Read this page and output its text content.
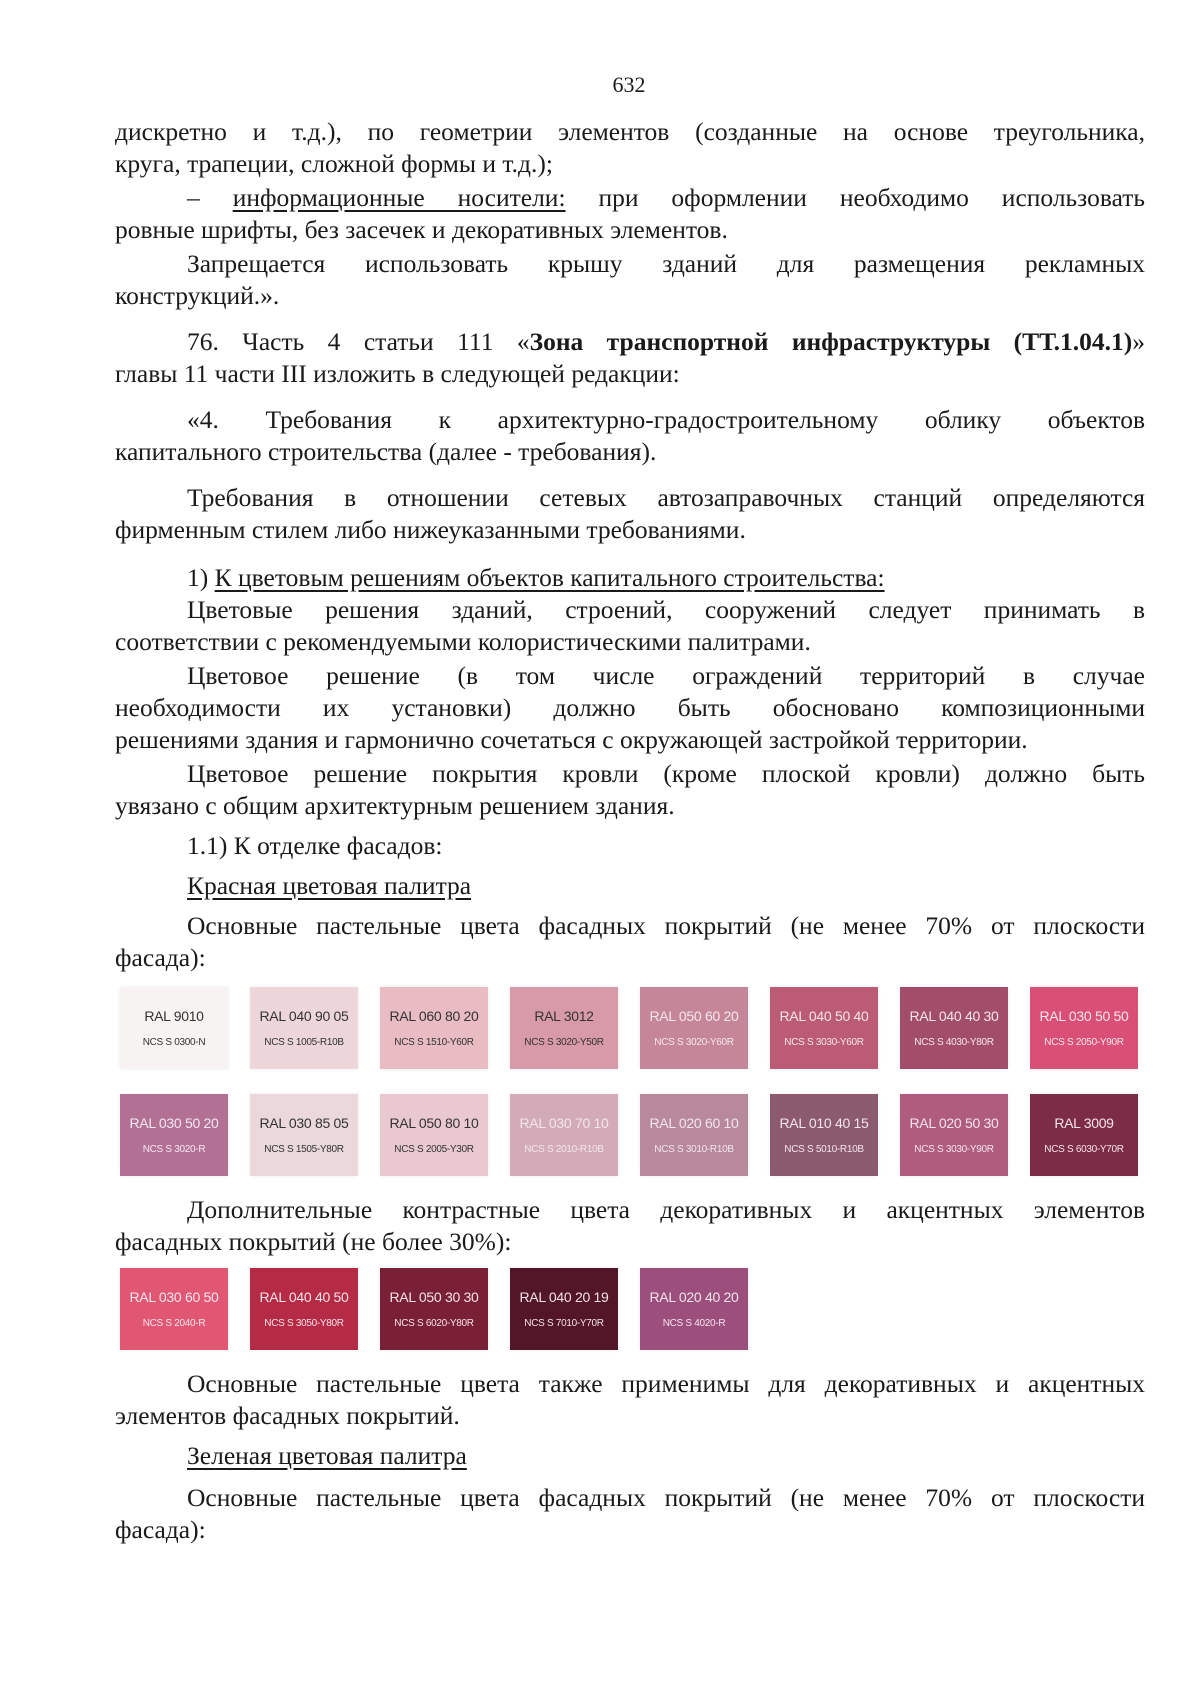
632
дискретно и т.д.), по геометрии элементов (созданные на основе треугольника,
круга, трапеции, сложной формы и т.д.);
– информационные носители: при оформлении необходимо использовать
ровные шрифты, без засечек и декоративных элементов.
Запрещается использовать крышу зданий для размещения рекламных
конструкций.».
76. Часть 4 статьи 111 «Зона транспортной инфраструктуры (ТТ.1.04.1)»
главы 11 части III изложить в следующей редакции:
«4. Требования к архитектурно-градостроительному облику объектов
капитального строительства (далее - требования).
Требования в отношении сетевых автозаправочных станций определяются
фирменным стилем либо нижеуказанными требованиями.
1) К цветовым решениям объектов капитального строительства:
Цветовые решения зданий, строений, сооружений следует принимать в
соответствии с рекомендуемыми колористическими палитрами.
Цветовое решение (в том числе ограждений территорий в случае
необходимости их установки) должно быть обосновано композиционными
решениями здания и гармонично сочетаться с окружающей застройкой территории.
Цветовое решение покрытия кровли (кроме плоской кровли) должно быть
увязано с общим архитектурным решением здания.
1.1) К отделке фасадов:
Красная цветовая палитра
Основные пастельные цвета фасадных покрытий (не менее 70% от плоскости
фасада):
RAL 9010
NCS S 0300-N
RAL 040 90 05
NCS S 1005-R10B
RAL 060 80 20
NCS S 1510-Y60R
RAL 3012
NCS S 3020-Y50R
RAL 050 60 20
NCS S 3020-Y60R
RAL 040 50 40
NCS S 3030-Y60R
RAL 040 40 30
NCS S 4030-Y80R
RAL 030 50 50
NCS S 2050-Y90R
RAL 030 50 20
NCS S 3020-R
RAL 030 85 05
NCS S 1505-Y80R
RAL 050 80 10
NCS S 2005-Y30R
RAL 030 70 10
NCS S 2010-R10B
RAL 020 60 10
NCS S 3010-R10B
RAL 010 40 15
NCS S 5010-R10B
RAL 020 50 30
NCS S 3030-Y90R
RAL 3009
NCS S 6030-Y70R
Дополнительные контрастные цвета декоративных и акцентных элементов
фасадных покрытий (не более 30%):
RAL 030 60 50
NCS S 2040-R
RAL 040 40 50
NCS S 3050-Y80R
RAL 050 30 30
NCS S 6020-Y80R
RAL 040 20 19
NCS S 7010-Y70R
RAL 020 40 20
NCS S 4020-R
Основные пастельные цвета также применимы для декоративных и акцентных
элементов фасадных покрытий.
Зеленая цветовая палитра
Основные пастельные цвета фасадных покрытий (не менее 70% от плоскости
фасада):
